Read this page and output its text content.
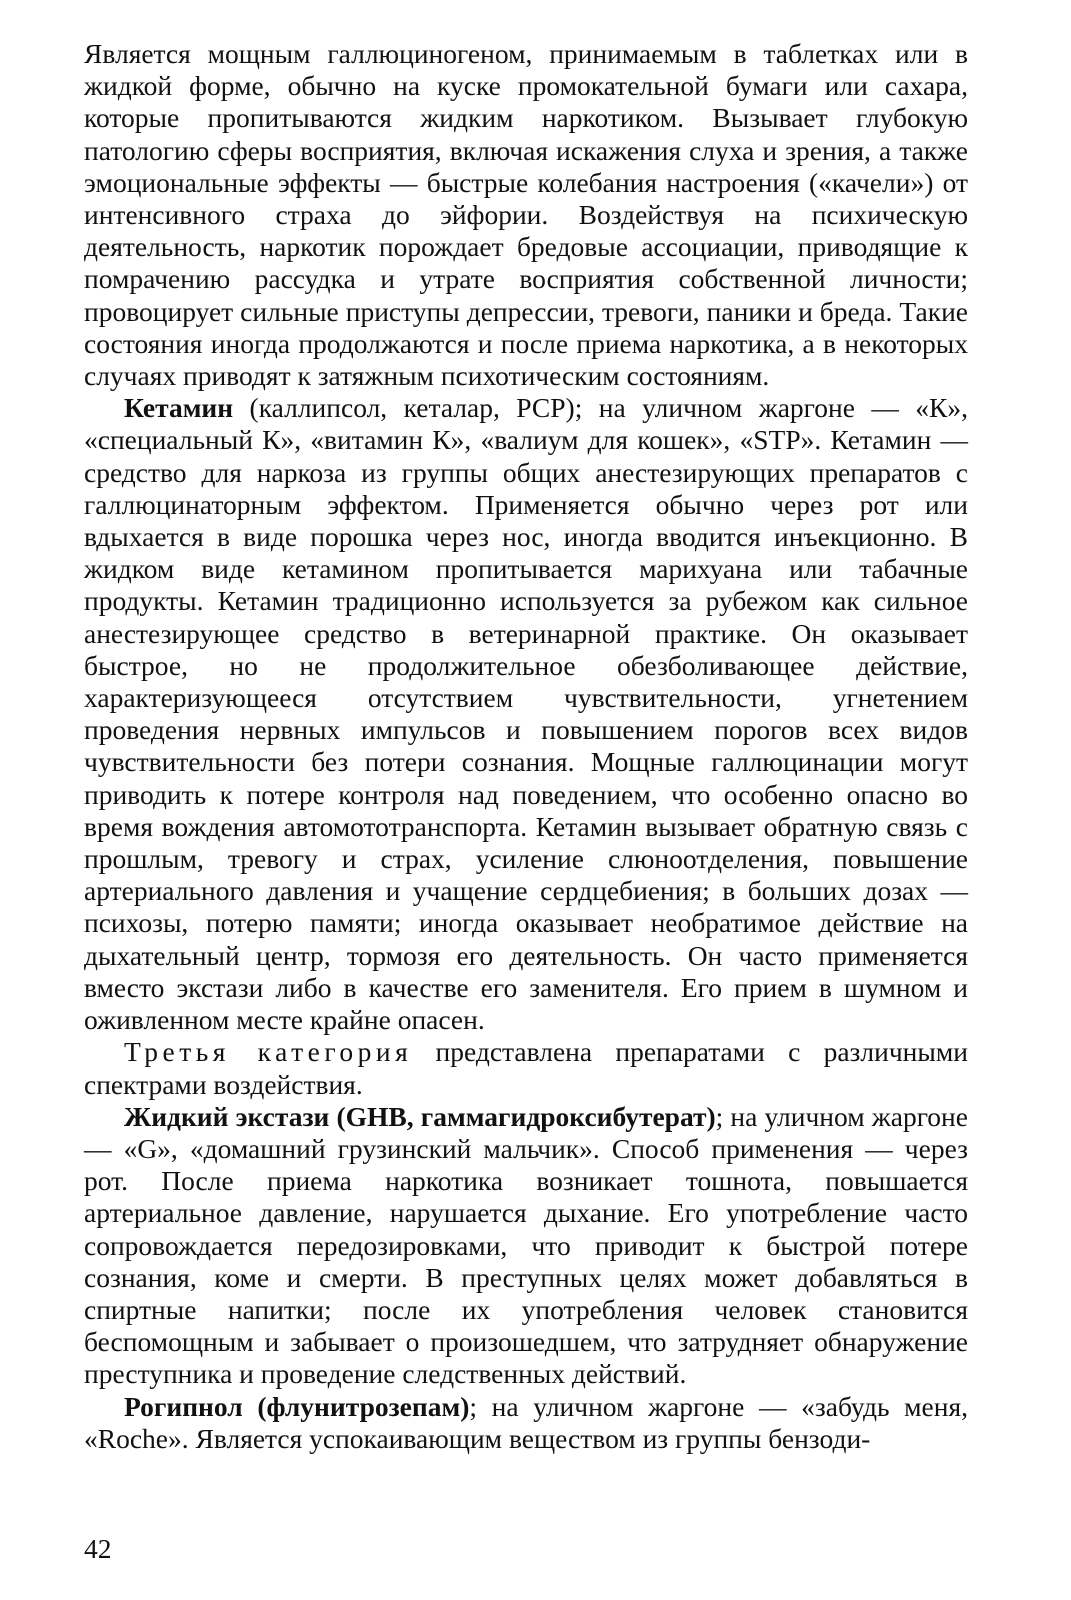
Является мощным галлюциногеном, принимаемым в таблетках или в жидкой форме, обычно на куске промокательной бумаги или сахара, которые пропитываются жидким наркотиком. Вызывает глубокую патологию сферы восприятия, включая искажения слуха и зрения, а также эмоциональные эффекты — быстрые колебания настроения («качели») от интенсивного страха до эйфории. Воздействуя на психическую деятельность, наркотик порождает бредовые ассоциации, приводящие к помрачению рассудка и утрате восприятия собственной личности; провоцирует сильные приступы депрессии, тревоги, паники и бреда. Такие состояния иногда продолжаются и после приема наркотика, а в некоторых случаях приводят к затяжным психотическим состояниям.

Кетамин (каллипсол, кеталар, РСР); на уличном жаргоне — «К», «специальный К», «витамин К», «валиум для кошек», «STP». Кетамин — средство для наркоза из группы общих анестезирующих препаратов с галлюцинаторным эффектом. Применяется обычно через рот или вдыхается в виде порошка через нос, иногда вводится инъекционно. В жидком виде кетамином пропитывается марихуана или табачные продукты. Кетамин традиционно используется за рубежом как сильное анестезирующее средство в ветеринарной практике. Он оказывает быстрое, но не продолжительное обезболивающее действие, характеризующееся отсутствием чувствительности, угнетением проведения нервных импульсов и повышением порогов всех видов чувствительности без потери сознания. Мощные галлюцинации могут приводить к потере контроля над поведением, что особенно опасно во время вождения автомототранспорта. Кетамин вызывает обратную связь с прошлым, тревогу и страх, усиление слюноотделения, повышение артериального давления и учащение сердцебиения; в больших дозах — психозы, потерю памяти; иногда оказывает необратимое действие на дыхательный центр, тормозя его деятельность. Он часто применяется вместо экстази либо в качестве его заменителя. Его прием в шумном и оживленном месте крайне опасен.

Третья категория представлена препаратами с различными спектрами воздействия.

Жидкий экстази (GHB, гаммагидроксибутерат); на уличном жаргоне — «G», «домашний грузинский мальчик». Способ применения — через рот. После приема наркотика возникает тошнота, повышается артериальное давление, нарушается дыхание. Его употребление часто сопровождается передозировками, что приводит к быстрой потере сознания, коме и смерти. В преступных целях может добавляться в спиртные напитки; после их употребления человек становится беспомощным и забывает о произошедшем, что затрудняет обнаружение преступника и проведение следственных действий.

Рогипнол (флунитрозепам); на уличном жаргоне — «забудь меня, «Roche». Является успокаивающим веществом из группы бензоди-

42
